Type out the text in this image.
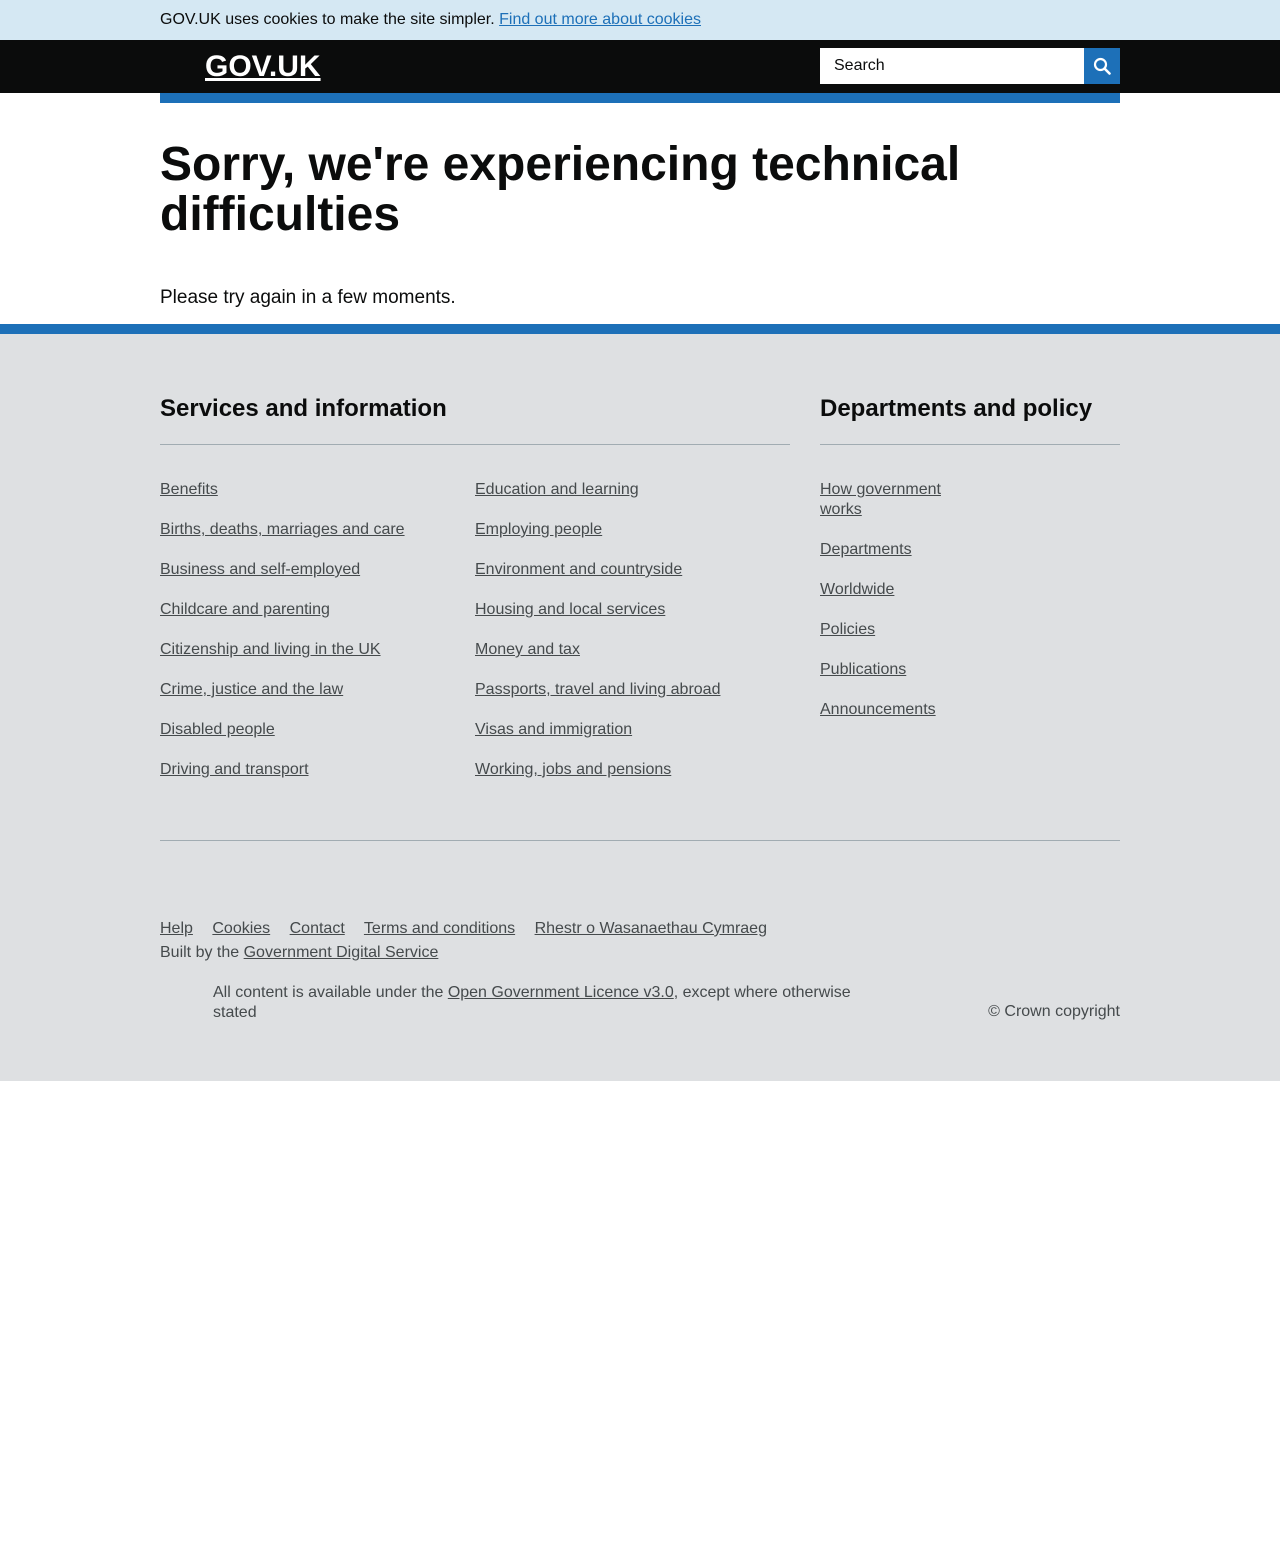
GOV.UK uses cookies to make the site simpler. Find out more about cookies
GOV.UK
Search
Sorry, we're experiencing technical difficulties

Please try again in a few moments.

Services and information
Benefits
Births, deaths, marriages and care
Business and self-employed
Childcare and parenting
Citizenship and living in the UK
Crime, justice and the law
Disabled people
Driving and transport
Education and learning
Employing people
Environment and countryside
Housing and local services
Money and tax
Passports, travel and living abroad
Visas and immigration
Working, jobs and pensions
Departments and policy
How government works
Departments
Worldwide
Policies
Publications
Announcements
Help Cookies Contact Terms and conditions Rhestr o Wasanaethau Cymraeg
Built by the Government Digital Service
All content is available under the Open Government Licence v3.0, except where otherwise stated	© Crown copyright
